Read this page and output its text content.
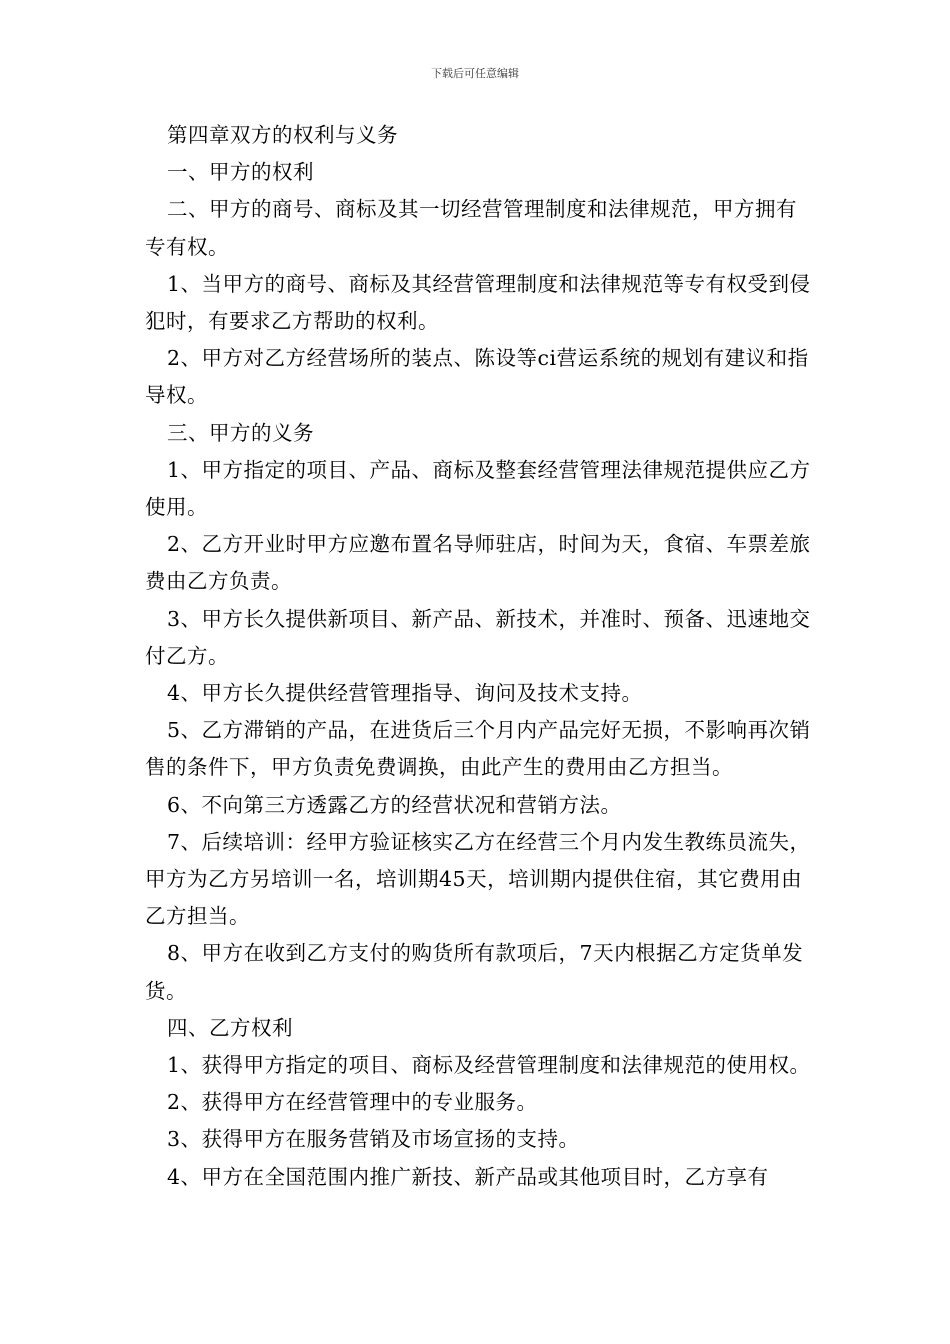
下载后可任意编辑

第四章双方的权利与义务

一、甲方的权利

二、甲方的商号、商标及其一切经营管理制度和法律规范，甲方拥有专有权。

1、当甲方的商号、商标及其经营管理制度和法律规范等专有权受到侵犯时，有要求乙方帮助的权利。

2、甲方对乙方经营场所的装点、陈设等ci营运系统的规划有建议和指导权。

三、甲方的义务

1、甲方指定的项目、产品、商标及整套经营管理法律规范提供应乙方使用。

2、乙方开业时甲方应邀布置名导师驻店，时间为天，食宿、车票差旅费由乙方负责。

3、甲方长久提供新项目、新产品、新技术，并准时、预备、迅速地交付乙方。

4、甲方长久提供经营管理指导、询问及技术支持。

5、乙方滞销的产品，在进货后三个月内产品完好无损，不影响再次销售的条件下，甲方负责免费调换，由此产生的费用由乙方担当。

6、不向第三方透露乙方的经营状况和营销方法。

7、后续培训：经甲方验证核实乙方在经营三个月内发生教练员流失，甲方为乙方另培训一名，培训期45天，培训期内提供住宿，其它费用由乙方担当。

8、甲方在收到乙方支付的购货所有款项后，7天内根据乙方定货单发货。

四、乙方权利

1、获得甲方指定的项目、商标及经营管理制度和法律规范的使用权。

2、获得甲方在经营管理中的专业服务。

3、获得甲方在服务营销及市场宣扬的支持。

4、甲方在全国范围内推广新技、新产品或其他项目时，乙方享有
